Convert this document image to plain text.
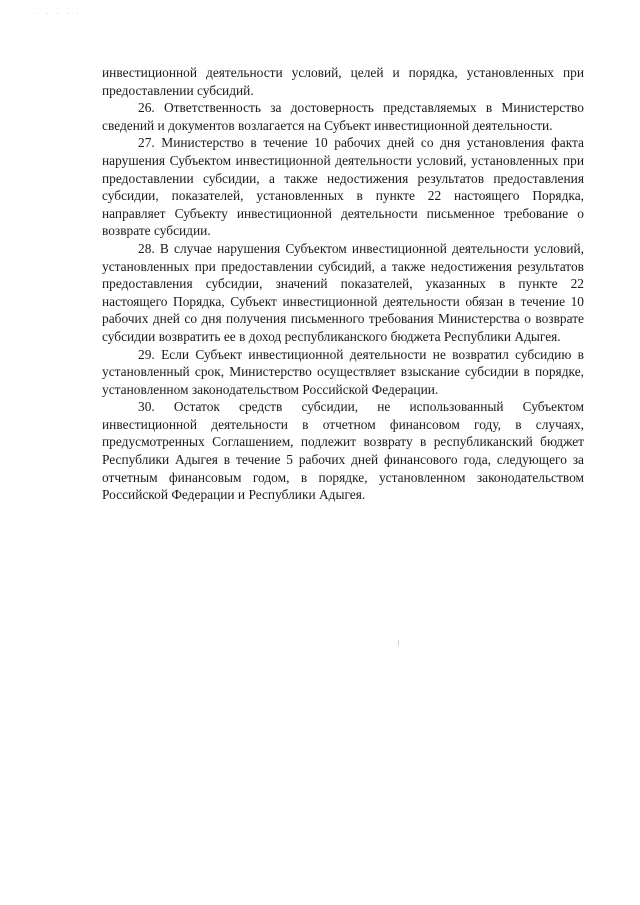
· · · · ·

инвестиционной деятельности условий, целей и порядка, установленных при предоставлении субсидий.

26. Ответственность за достоверность представляемых в Министерство сведений и документов возлагается на Субъект инвестиционной деятельности.

27. Министерство в течение 10 рабочих дней со дня установления факта нарушения Субъектом инвестиционной деятельности условий, установленных при предоставлении субсидии, а также недостижения результатов предоставления субсидии, показателей, установленных в пункте 22 настоящего Порядка, направляет Субъекту инвестиционной деятельности письменное требование о возврате субсидии.

28. В случае нарушения Субъектом инвестиционной деятельности условий, установленных при предоставлении субсидий, а также недостижения результатов предоставления субсидии, значений показателей, указанных в пункте 22 настоящего Порядка, Субъект инвестиционной деятельности обязан в течение 10 рабочих дней со дня получения письменного требования Министерства о возврате субсидии возвратить ее в доход республиканского бюджета Республики Адыгея.

29. Если Субъект инвестиционной деятельности не возвратил субсидию в установленный срок, Министерство осуществляет взыскание субсидии в порядке, установленном законодательством Российской Федерации.

30. Остаток средств субсидии, не использованный Субъектом инвестиционной деятельности в отчетном финансовом году, в случаях, предусмотренных Соглашением, подлежит возврату в республиканский бюджет Республики Адыгея в течение 5 рабочих дней финансового года, следующего за отчетным финансовым годом, в порядке, установленном законодательством Российской Федерации и Республики Адыгея.
